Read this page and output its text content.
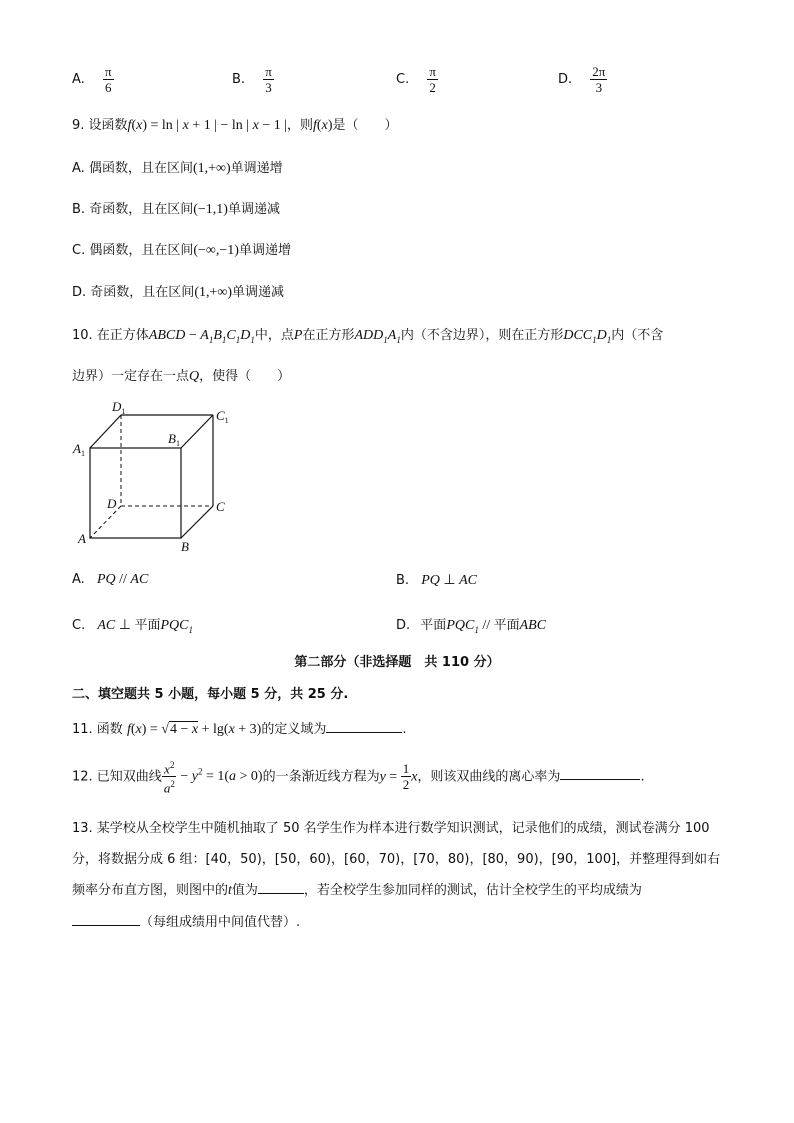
A. $\frac{\pi}{6}$	B. $\frac{\pi}{3}$	C. $\frac{\pi}{2}$	D. $\frac{2\pi}{3}$
9. 设函数f(x) = ln | x + 1 | − ln | x − 1 |，则f(x)是（　　）
A. 偶函数，且在区间(1,+∞)单调递增
B. 奇函数，且在区间(−1,1)单调递减
C. 偶函数，且在区间(−∞,−1)单调递增
D. 奇函数，且在区间(1,+∞)单调递减
10. 在正方体ABCD − $A_1B_1C_1D_1$中，点P在正方形$ADD_1A_1$内（不含边界），则在正方形$DCC_1D_1$内（不含
边界）一定存在一点Q，使得（　　）
$D_1$	$C_1$
$A_1$
$B_1$
D	C
A
B
A. PQ // AC	B. PQ ⊥ AC
C. AC ⊥ 平面$PQC_1$	D. 平面$PQC_1$ // 平面ABC
第二部分（非选择题　共 110 分）
二、填空题共 5 小题，每小题 5 分，共 25 分.
11. 函数 f(x) = √4 − x + lg(x + 3)的定义域为	.
12. 已知双曲线 $\frac{x^2}{a^2} - y^2 = 1(a > 0)$的一条渐近线方程为$y = \frac{1}{2}$ x，则该双曲线的离心率为	.
13. 某学校从全校学生中随机抽取了 50 名学生作为样本进行数学知识测试，记录他们的成绩，测试卷满分 100
分，将数据分成 6 组：[40，50)，[50，60)，[60，70)，[70，80)，[80，90)，[90，100]，并整理得到如右
频率分布直方图，则图中的t值为	，若全校学生参加同样的测试，估计全校学生的平均成绩为
（每组成绩用中间值代替）.
